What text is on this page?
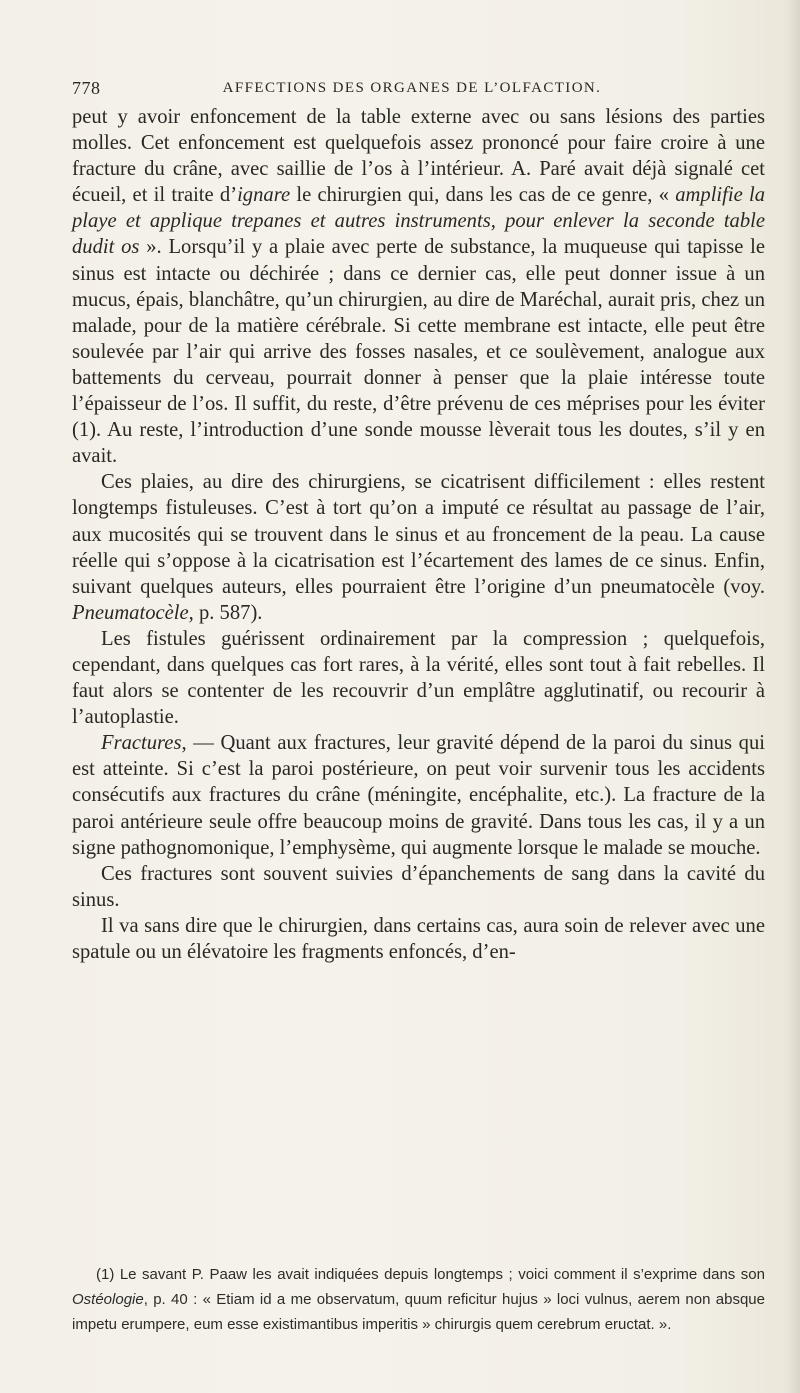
778	AFFECTIONS DES ORGANES DE L’OLFACTION.

peut y avoir enfoncement de la table externe avec ou sans lésions des parties molles. Cet enfoncement est quelquefois assez prononcé pour faire croire à une fracture du crâne, avec saillie de l’os à l’intérieur. A. Paré avait déjà signalé cet écueil, et il traite d’ignare le chirurgien qui, dans les cas de ce genre, « amplifie la playe et applique trepanes et autres instruments, pour enlever la seconde table dudit os ». Lorsqu’il y a plaie avec perte de substance, la muqueuse qui tapisse le sinus est intacte ou déchirée ; dans ce dernier cas, elle peut donner issue à un mucus, épais, blanchâtre, qu’un chirurgien, au dire de Maréchal, aurait pris, chez un malade, pour de la matière cérébrale. Si cette membrane est intacte, elle peut être soulevée par l’air qui arrive des fosses nasales, et ce soulèvement, analogue aux battements du cerveau, pourrait donner à penser que la plaie intéresse toute l’épaisseur de l’os. Il suffit, du reste, d’être prévenu de ces méprises pour les éviter (1). Au reste, l’introduction d’une sonde mousse lèverait tous les doutes, s’il y en avait.

Ces plaies, au dire des chirurgiens, se cicatrisent difficilement : elles restent longtemps fistuleuses. C’est à tort qu’on a imputé ce résultat au passage de l’air, aux mucosités qui se trouvent dans le sinus et au froncement de la peau. La cause réelle qui s’oppose à la cicatrisation est l’écartement des lames de ce sinus. Enfin, suivant quelques auteurs, elles pourraient être l’origine d’un pneumatocèle (voy. Pneumatocèle, p. 587).

Les fistules guérissent ordinairement par la compression ; quelquefois, cependant, dans quelques cas fort rares, à la vérité, elles sont tout à fait rebelles. Il faut alors se contenter de les recouvrir d’un emplâtre agglutinatif, ou recourir à l’autoplastie.

Fractures, — Quant aux fractures, leur gravité dépend de la paroi du sinus qui est atteinte. Si c’est la paroi postérieure, on peut voir survenir tous les accidents consécutifs aux fractures du crâne (méningite, encéphalite, etc.). La fracture de la paroi antérieure seule offre beaucoup moins de gravité. Dans tous les cas, il y a un signe pathognomonique, l’emphysème, qui augmente lorsque le malade se mouche.

Ces fractures sont souvent suivies d’épanchements de sang dans la cavité du sinus.

Il va sans dire que le chirurgien, dans certains cas, aura soin de relever avec une spatule ou un élévatoire les fragments enfoncés, d’en-

(1) Le savant P. Paaw les avait indiquées depuis longtemps ; voici comment il s’exprime dans son Ostéologie, p. 40 : « Etiam id a me observatum, quum reficitur hujus » loci vulnus, aerem non absque impetu erumpere, eum esse existimantibus imperitis » chirurgis quem cerebrum eructat. ».
